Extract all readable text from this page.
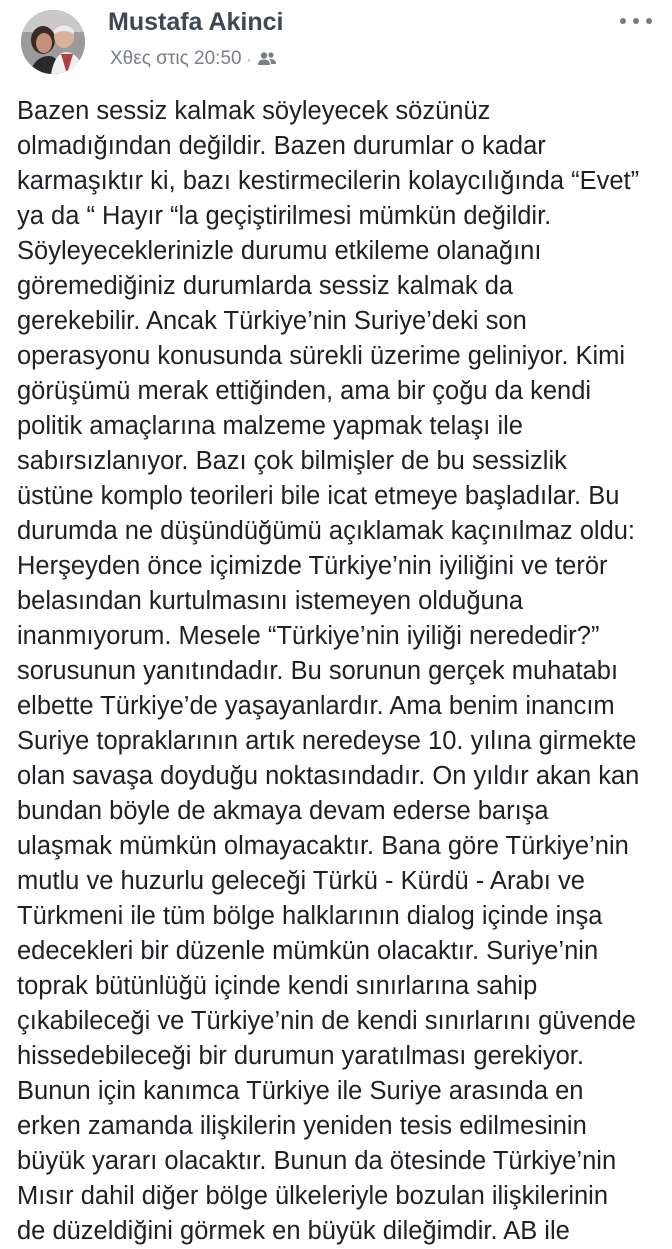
Mustafa Akinci
Χθες στις 20:50 ·

Bazen sessiz kalmak söyleyecek sözünüz
olmadığından değildir. Bazen durumlar o kadar
karmaşıktır ki, bazı kestirmecilerin kolaycılığında “Evet”
ya da “ Hayır “la geçiştirilmesi mümkün değildir.
Söyleyeceklerinizle durumu etkileme olanağını
göremediğiniz durumlarda sessiz kalmak da
gerekebilir. Ancak Türkiye’nin Suriye’deki son
operasyonu konusunda sürekli üzerime geliniyor. Kimi
görüşümü merak ettiğinden, ama bir çoğu da kendi
politik amaçlarına malzeme yapmak telaşı ile
sabırsızlanıyor. Bazı çok bilmişler de bu sessizlik
üstüne komplo teorileri bile icat etmeye başladılar. Bu
durumda ne düşündüğümü açıklamak kaçınılmaz oldu:
Herşeyden önce içimizde Türkiye’nin iyiliğini ve terör
belasından kurtulmasını istemeyen olduğuna
inanmıyorum. Mesele “Türkiye’nin iyiliği nerededir?”
sorusunun yanıtındadır. Bu sorunun gerçek muhatabı
elbette Türkiye’de yaşayanlardır. Ama benim inancım
Suriye topraklarının artık neredeyse 10. yılına girmekte
olan savaşa doyduğu noktasındadır. On yıldır akan kan
bundan böyle de akmaya devam ederse barışa
ulaşmak mümkün olmayacaktır. Bana göre Türkiye’nin
mutlu ve huzurlu geleceği Türkü - Kürdü - Arabı ve
Türkmeni ile tüm bölge halklarının dialog içinde inşa
edecekleri bir düzenle mümkün olacaktır. Suriye’nin
toprak bütünlüğü içinde kendi sınırlarına sahip
çıkabileceği ve Türkiye’nin de kendi sınırlarını güvende
hissedebileceği bir durumun yaratılması gerekiyor.
Bunun için kanımca Türkiye ile Suriye arasında en
erken zamanda ilişkilerin yeniden tesis edilmesinin
büyük yararı olacaktır. Bunun da ötesinde Türkiye’nin
Mısır dahil diğer bölge ülkeleriyle bozulan ilişkilerinin
de düzeldiğini görmek en büyük dileğimdir. AB ile
